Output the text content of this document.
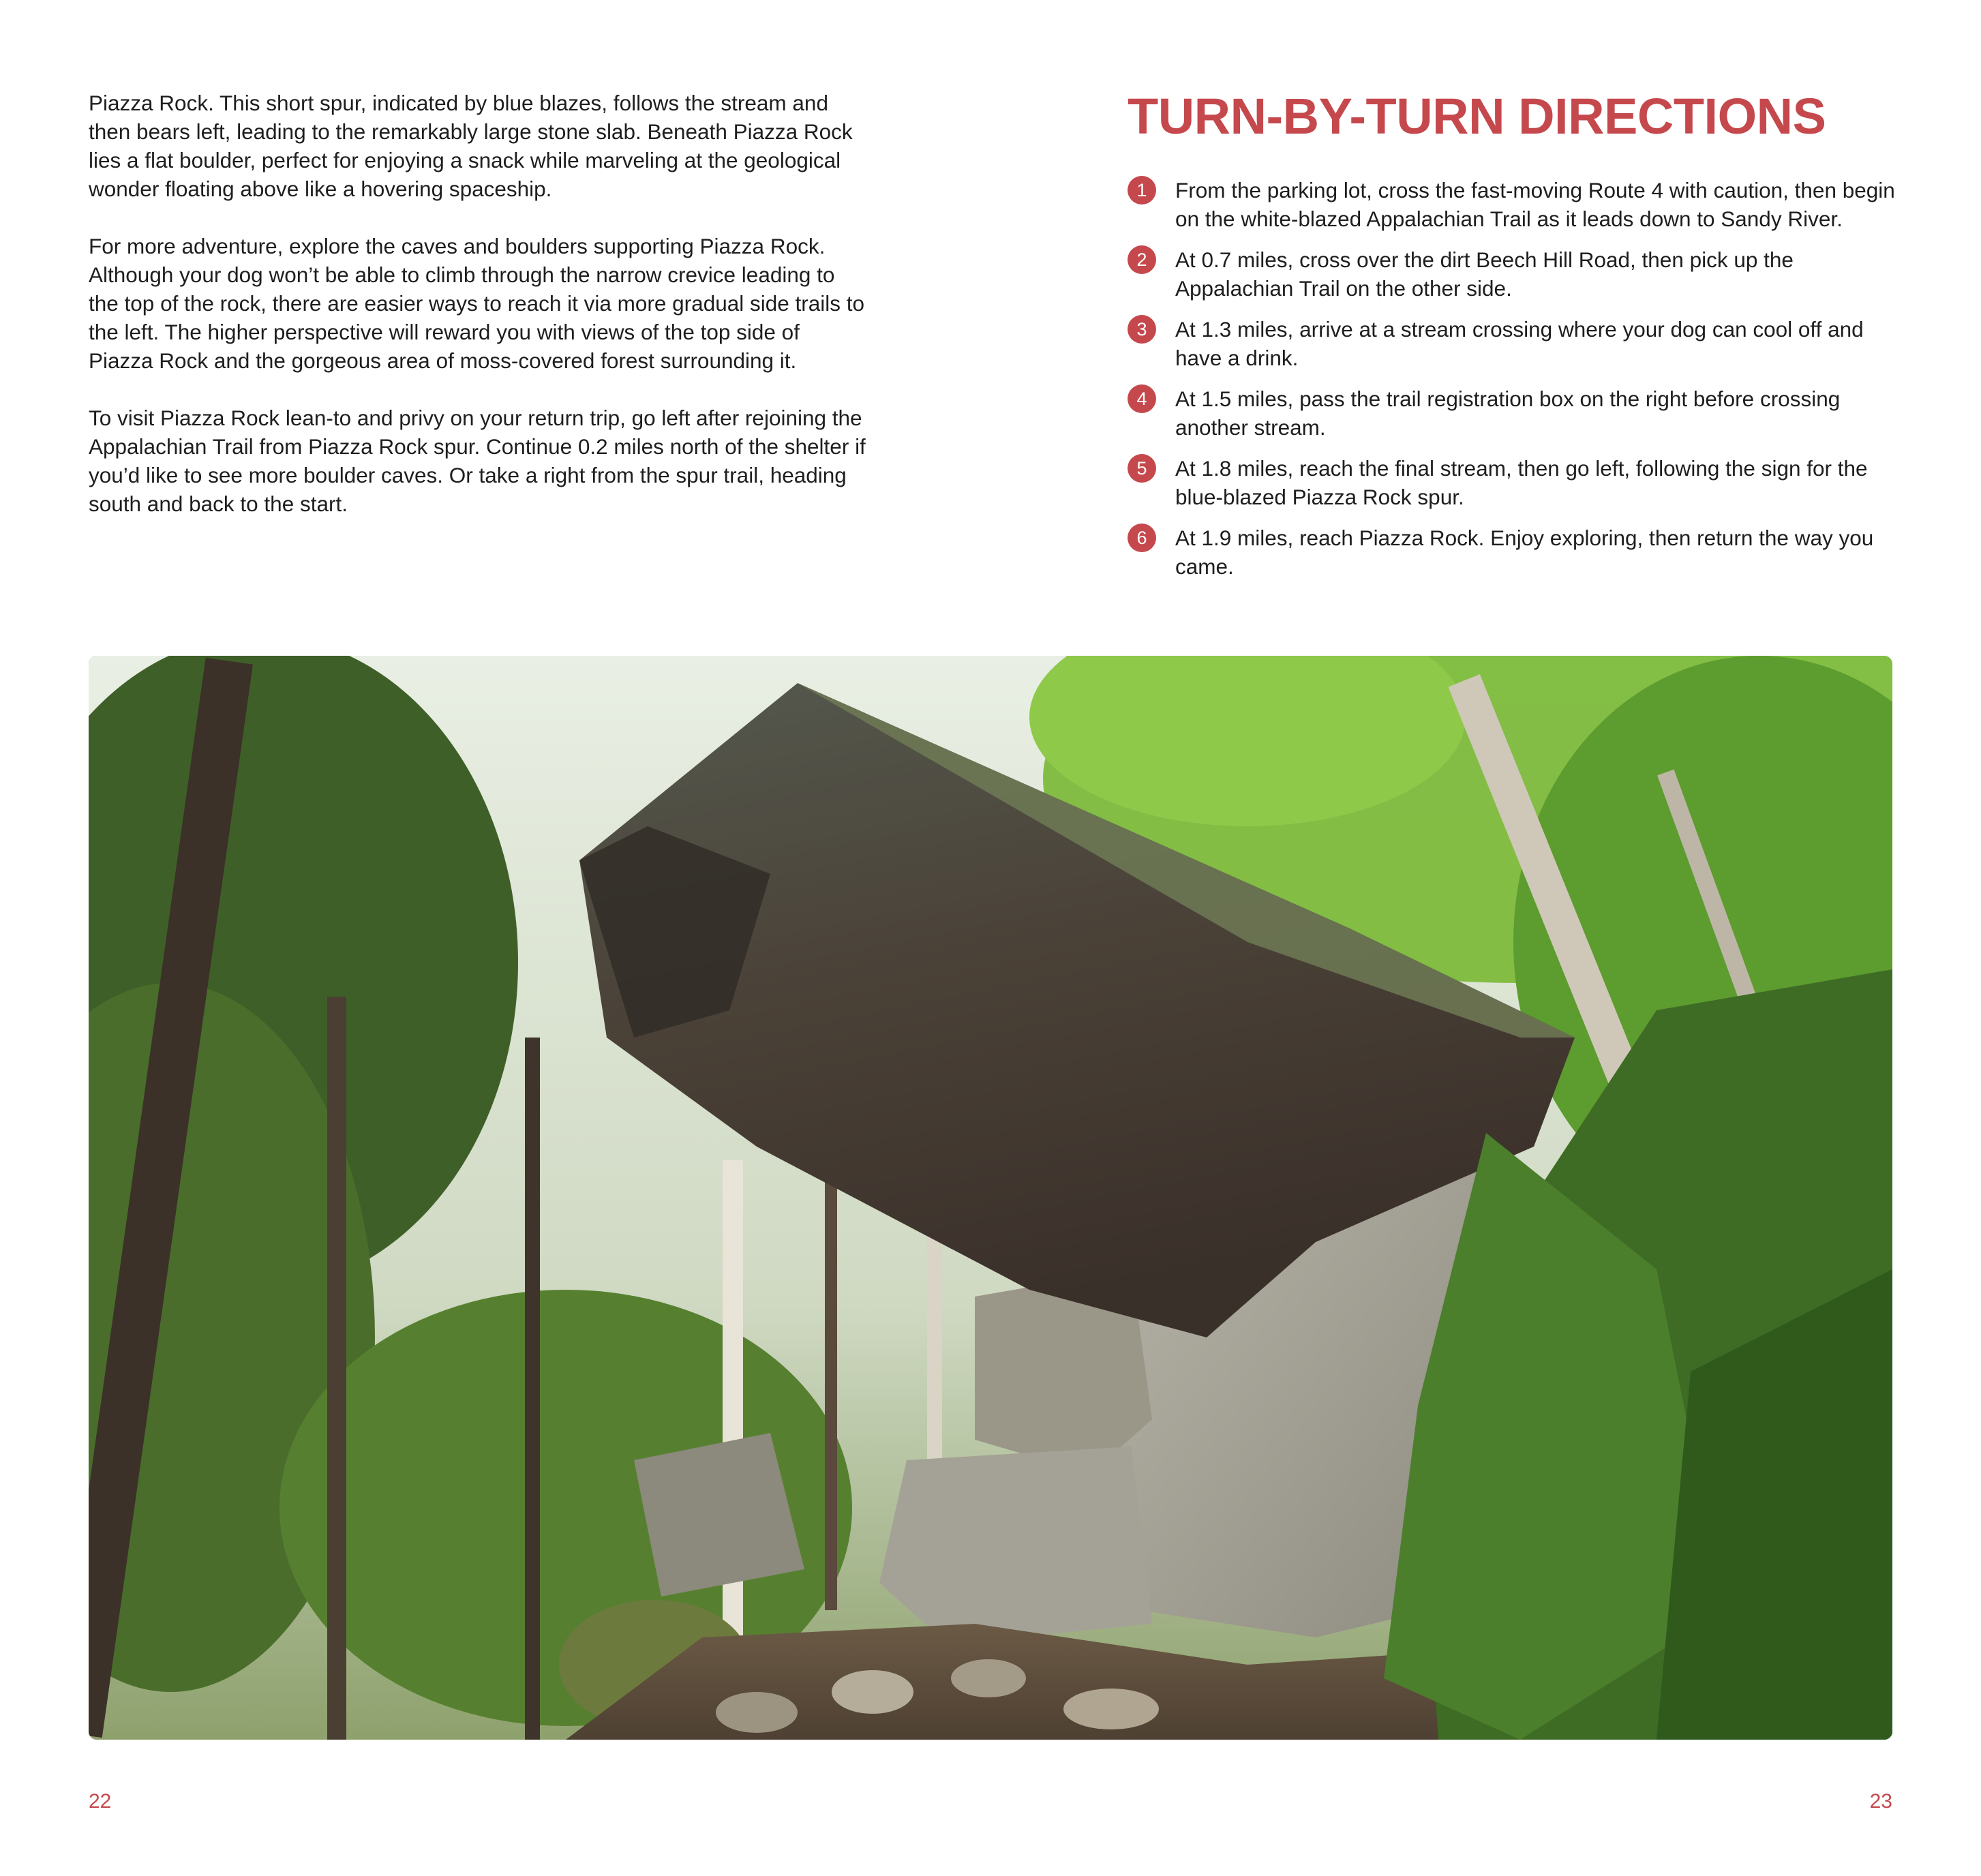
Piazza Rock. This short spur, indicated by blue blazes, follows the stream and then bears left, leading to the remarkably large stone slab. Beneath Piazza Rock lies a flat boulder, perfect for enjoying a snack while marveling at the geological wonder floating above like a hovering spaceship.

For more adventure, explore the caves and boulders supporting Piazza Rock. Although your dog won’t be able to climb through the narrow crevice leading to the top of the rock, there are easier ways to reach it via more gradual side trails to the left. The higher perspective will reward you with views of the top side of Piazza Rock and the gorgeous area of moss-covered forest surrounding it.

To visit Piazza Rock lean-to and privy on your return trip, go left after rejoining the Appalachian Trail from Piazza Rock spur. Continue 0.2 miles north of the shelter if you’d like to see more boulder caves. Or take a right from the spur trail, heading south and back to the start.

TURN-BY-TURN DIRECTIONS
1	From the parking lot, cross the fast-moving Route 4 with caution, then begin on the white-blazed Appalachian Trail as it leads down to Sandy River.
2	At 0.7 miles, cross over the dirt Beech Hill Road, then pick up the Appalachian Trail on the other side.
3	At 1.3 miles, arrive at a stream crossing where your dog can cool off and have a drink.
4	At 1.5 miles, pass the trail registration box on the right before crossing another stream.
5	At 1.8 miles, reach the final stream, then go left, following the sign for the blue-blazed Piazza Rock spur.
6	At 1.9 miles, reach Piazza Rock. Enjoy exploring, then return the way you came.
22	23
